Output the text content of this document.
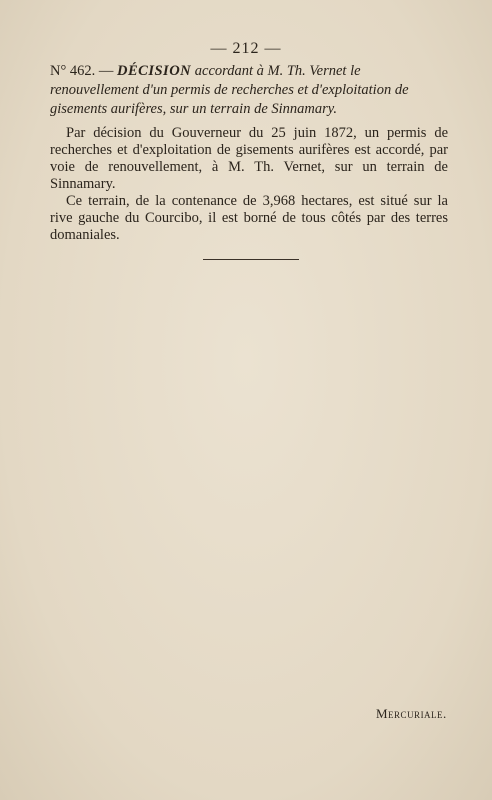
— 212 —
N° 462. — DÉCISION accordant à M. Th. Vernet le renouvellement d'un permis de recherches et d'exploitation de gisements aurifères, sur un terrain de Sinnamary.

Par décision du Gouverneur du 25 juin 1872, un permis de recherches et d'exploitation de gisements aurifères est accordé, par voie de renouvellement, à M. Th. Vernet, sur un terrain de Sinnamary.

Ce terrain, de la contenance de 3,968 hectares, est situé sur la rive gauche du Courcibo, il est borné de tous côtés par des terres domaniales.

Mercuriale.
